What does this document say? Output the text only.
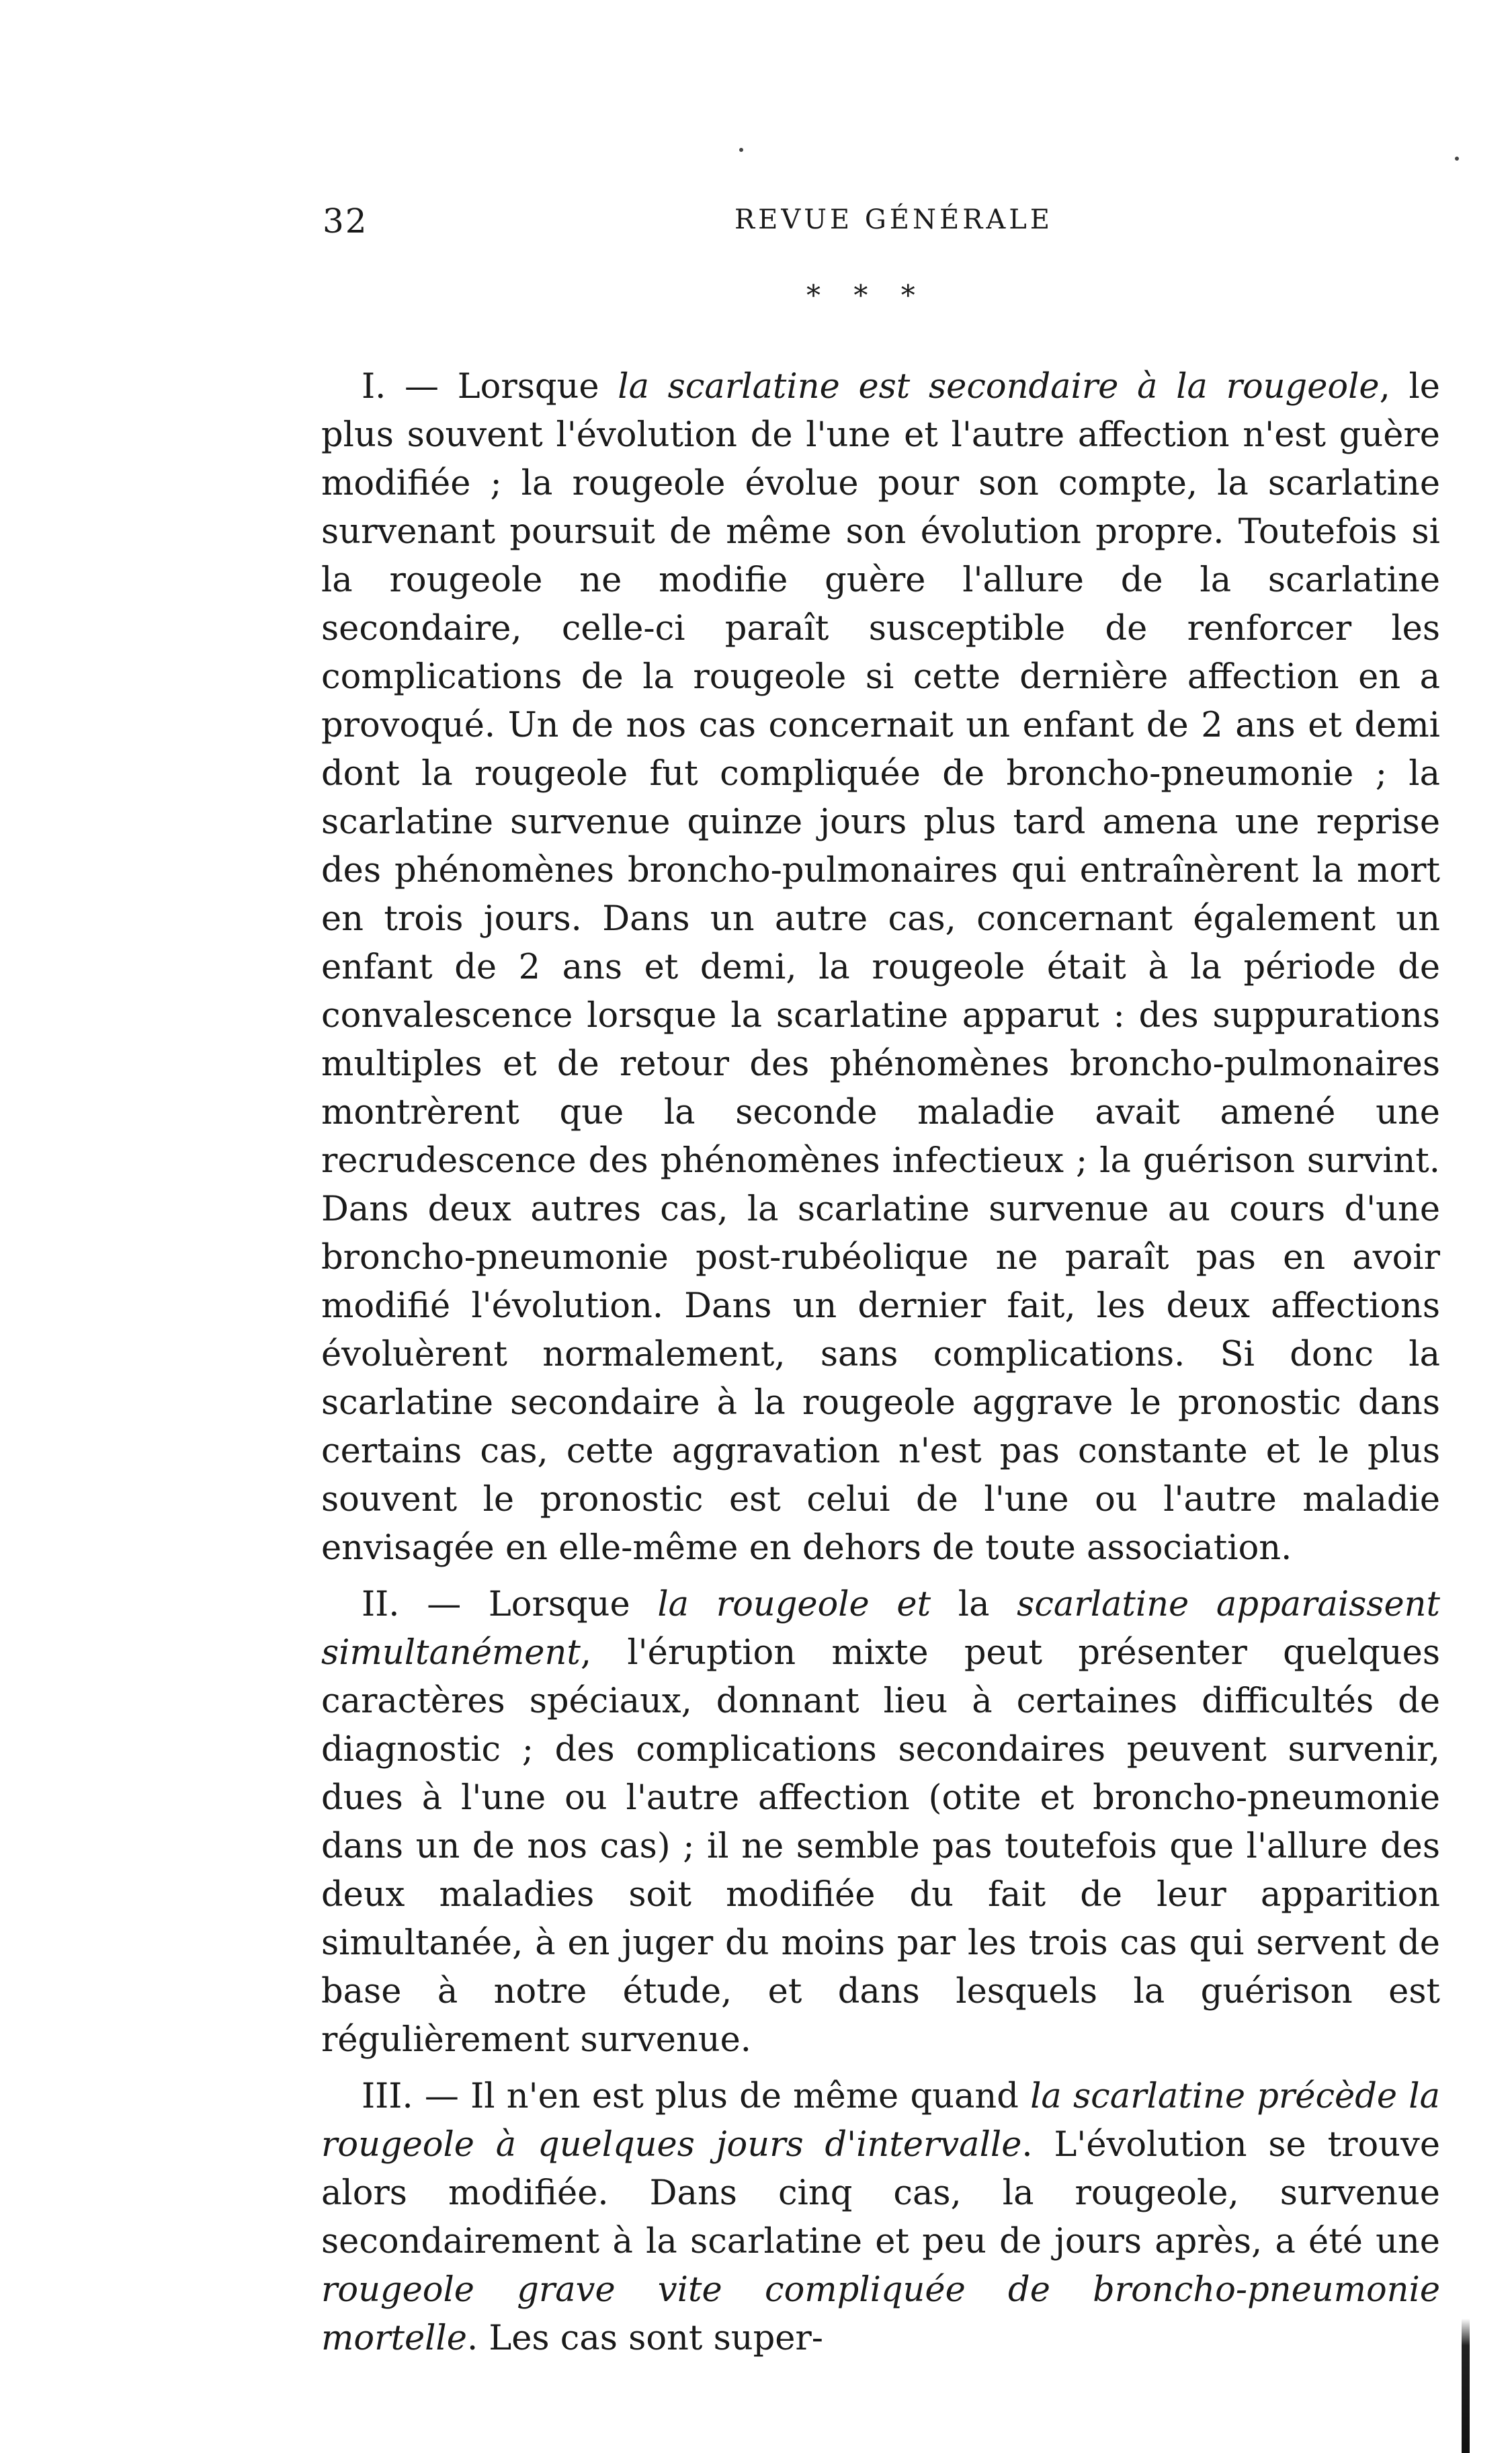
32	REVUE GÉNÉRALE
* * *

I. — Lorsque la scarlatine est secondaire à la rougeole, le plus souvent l'évolution de l'une et l'autre affection n'est guère modifiée ; la rougeole évolue pour son compte, la scarlatine survenant poursuit de même son évolution propre. Toutefois si la rougeole ne modifie guère l'allure de la scarlatine secondaire, celle-ci paraît susceptible de renforcer les complications de la rougeole si cette dernière affection en a provoqué. Un de nos cas concernait un enfant de 2 ans et demi dont la rougeole fut compliquée de broncho-pneumonie ; la scarlatine survenue quinze jours plus tard amena une reprise des phénomènes broncho-pulmonaires qui entraînèrent la mort en trois jours. Dans un autre cas, concernant également un enfant de 2 ans et demi, la rougeole était à la période de convalescence lorsque la scarlatine apparut : des suppurations multiples et de retour des phénomènes broncho-pulmonaires montrèrent que la seconde maladie avait amené une recrudescence des phénomènes infectieux ; la guérison survint. Dans deux autres cas, la scarlatine survenue au cours d'une broncho-pneumonie post-rubéolique ne paraît pas en avoir modifié l'évolution. Dans un dernier fait, les deux affections évoluèrent normalement, sans complications. Si donc la scarlatine secondaire à la rougeole aggrave le pronostic dans certains cas, cette aggravation n'est pas constante et le plus souvent le pronostic est celui de l'une ou l'autre maladie envisagée en elle-même en dehors de toute association.

II. — Lorsque la rougeole et la scarlatine apparaissent simultanément, l'éruption mixte peut présenter quelques caractères spéciaux, donnant lieu à certaines difficultés de diagnostic ; des complications secondaires peuvent survenir, dues à l'une ou l'autre affection (otite et broncho-pneumonie dans un de nos cas) ; il ne semble pas toutefois que l'allure des deux maladies soit modifiée du fait de leur apparition simultanée, à en juger du moins par les trois cas qui servent de base à notre étude, et dans lesquels la guérison est régulièrement survenue.

III. — Il n'en est plus de même quand la scarlatine précède la rougeole à quelques jours d'intervalle. L'évolution se trouve alors modifiée. Dans cinq cas, la rougeole, survenue secondairement à la scarlatine et peu de jours après, a été une rougeole grave vite compliquée de broncho-pneumonie mortelle. Les cas sont super-
